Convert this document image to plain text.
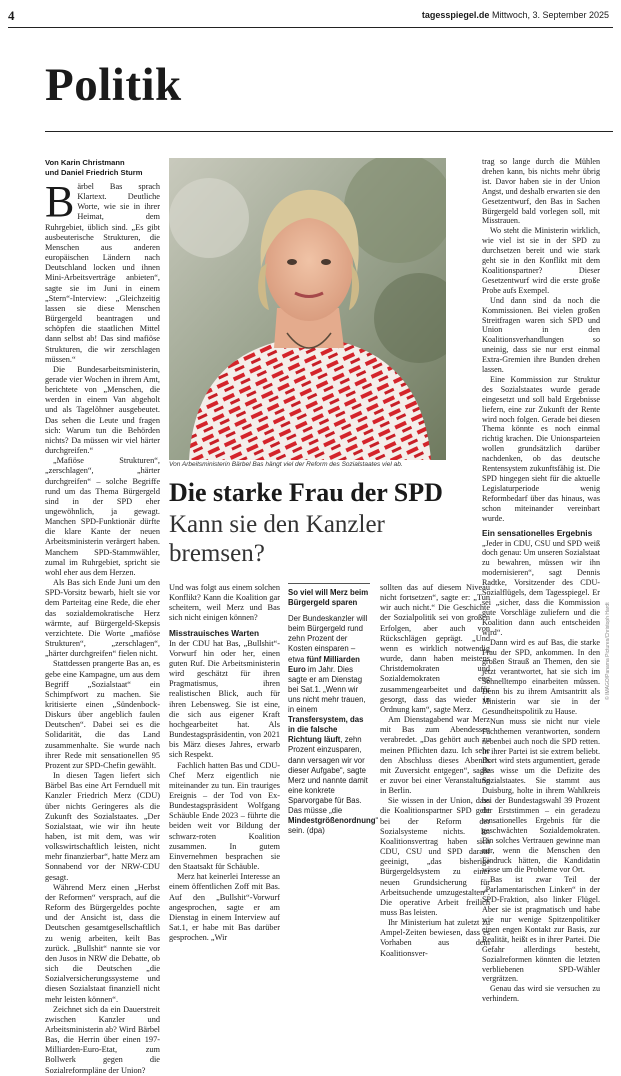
4	tagesspiegel.de Mittwoch, 3. September 2025
Politik
Von Karin Christmann
und Daniel Friedrich Sturm

Bärbel Bas sprach Klartext. Deutliche Worte, wie sie in ihrer Heimat, dem Ruhrgebiet, üblich sind. „Es gibt ausbeuterische Strukturen, die Menschen aus anderen europäischen Ländern nach Deutschland locken und ihnen Mini-Arbeitsverträge anbieten“, sagte sie im Juni in einem „Stern“-Interview: „Gleichzeitig lassen sie diese Menschen Bürgergeld beantragen und schöpfen die staatlichen Mittel dann selbst ab! Das sind mafiöse Strukturen, die wir zerschlagen müssen.“

Die Bundesarbeitsministerin, gerade vier Wochen in ihrem Amt, berichtete von „Menschen, die werden in einem Van abgeholt und als Tagelöhner ausgebeutet. Das sehen die Leute und fragen sich: Warum tun die Behörden nichts? Da müssen wir viel härter durchgreifen.“

„Mafiöse Strukturen“, „zerschlagen“, „härter durchgreifen“ – solche Begriffe rund um das Thema Bürgergeld sind in der SPD eher ungewöhnlich, ja gewagt. Manchen SPD-Funktionär dürfte die klare Kante der neuen Arbeitsministerin verärgert haben. Manchem SPD-Stammwähler, zumal im Ruhrgebiet, spricht sie wohl eher aus dem Herzen.

Als Bas sich Ende Juni um den SPD-Vorsitz bewarb, hielt sie vor dem Parteitag eine Rede, die eher das sozialdemokratische Herz wärmte, auf Bürgergeld-Skepsis verzichtete. Die Worte „mafiöse Strukturen“, „zerschlagen“, „härter durchgreifen“ fielen nicht.

Stattdessen prangerte Bas an, es gebe eine Kampagne, um aus dem Begriff „Sozialstaat“ ein Schimpfwort zu machen. Sie kritisierte einen „Sündenbock-Diskurs über angeblich faulen Deutschen“. Dabei sei es die Solidarität, die das Land zusammenhalte. Sie wurde nach ihrer Rede mit sensationellen 95 Prozent zur SPD-Chefin gewählt.

In diesen Tagen liefert sich Bärbel Bas eine Art Fernduell mit Kanzler Friedrich Merz (CDU) über nichts Geringeres als die Zukunft des Sozialstaates. „Der Sozialstaat, wie wir ihn heute haben, ist mit dem, was wir volkswirtschaftlich leisten, nicht mehr finanzierbar“, hatte Merz am Sonnabend vor der NRW-CDU gesagt.

Während Merz einen „Herbst der Reformen“ versprach, auf die Reform des Bürgergeldes pochte und der Ansicht ist, dass die Deutschen gesamtgesellschaftlich zu wenig arbeiten, keilt Bas zurück. „Bullshit“ nannte sie vor den Jusos in NRW die Debatte, ob sich die Deutschen „die Sozialversicherungssysteme und diesen Sozialstaat finanziell nicht mehr leisten können“.

Zeichnet sich da ein Dauerstreit zwischen Kanzler und Arbeitsministerin ab? Wird Bärbel Bas, die Herrin über einen 197-Milliarden-Euro-Etat, zum Bollwerk gegen die Sozialreformpläne der Union?

Von Arbeitsministerin Bärbel Bas hängt viel der Reform des Sozialstaates viel ab.
Die starke Frau der SPD
Kann sie den Kanzler bremsen?

Und was folgt aus einem solchen Konflikt? Kann die Koalition gar scheitern, weil Merz und Bas sich nicht einigen können?

Misstrauisches Warten

In der CDU hat Bas, „Bullshit“-Vorwurf hin oder her, einen guten Ruf. Die Arbeitsministerin wird geschätzt für ihren Pragmatismus, ihren realistischen Blick, auch für ihren Lebensweg. Sie ist eine, die sich aus eigener Kraft hochgearbeitet hat. Als Bundestagspräsidentin, von 2021 bis März dieses Jahres, erwarb sich Respekt.

Fachlich hatten Bas und CDU-Chef Merz eigentlich nie miteinander zu tun. Ein trauriges Ereignis – der Tod von Ex-Bundestagspräsident Wolfgang Schäuble Ende 2023 – führte die beiden weit vor Bildung der schwarz-roten Koalition zusammen. In gutem Einvernehmen besprachen sie den Staatsakt für Schäuble.

Merz hat keinerlei Interesse an einem öffentlichen Zoff mit Bas. Auf den „Bullshit“-Vorwurf angesprochen, sagte er am Dienstag in einem Interview auf Sat.1, er habe mit Bas darüber gesprochen. „Wir

So viel will Merz beim Bürgergeld sparen
Der Bundeskanzler will beim Bürgergeld rund zehn Prozent der Kosten einsparen – etwa fünf Milliarden Euro im Jahr. Dies sagte er am Dienstag bei Sat.1. „Wenn wir uns nicht mehr trauen, in einem Transfersystem, das in die falsche Richtung läuft, zehn Prozent einzusparen, dann versagen wir vor dieser Aufgabe“, sagte Merz und nannte damit eine konkrete Sparvorgabe für Bas. Das müsse „die Mindestgrößenordnung“ sein. (dpa)

sollten das auf diesem Niveau nicht fortsetzen“, sagte er: „Tun wir auch nicht.“ Die Geschichte der Sozialpolitik sei von großen Erfolgen, aber auch von Rückschlägen geprägt. „Und wenn es wirklich notwendig wurde, dann haben meistens Christdemokraten und Sozialdemokraten eng zusammengearbeitet und dafür gesorgt, dass das wieder in Ordnung kam“, sagte Merz.

Am Dienstagabend war Merz mit Bas zum Abendessen verabredet. „Das gehört auch zu meinen Pflichten dazu. Ich sehe den Abschluss dieses Abends mit Zuversicht entgegen“, sagte er zuvor bei einer Veranstaltung in Berlin.

Sie wissen in der Union, dass die Koalitionspartner SPD gebt bei der Reform der Sozialsysteme nichts. Im Koalitionsvertrag haben sich CDU, CSU und SPD darauf geeinigt, „das bisherige Bürgergeldsystem zu einer neuen Grundsicherung für Arbeitsuchende umzugestalten“. Die operative Arbeit freilich muss Bas leisten.

Ihr Ministerium hat zuletzt zu Ampel-Zeiten bewiesen, dass es Vorhaben aus dem Koalitionsver-

trag so lange durch die Mühlen drehen kann, bis nichts mehr übrig ist. Davor haben sie in der Union Angst, und deshalb erwarten sie den Gesetzentwurf, den Bas in Sachen Bürgergeld bald vorlegen soll, mit Misstrauen.

Wo steht die Ministerin wirklich, wie viel ist sie in der SPD zu durchsetzen bereit und wie stark geht sie in den Konflikt mit dem Koalitionspartner? Dieser Gesetzentwurf wird die erste große Probe aufs Exempel.

Und dann sind da noch die Kommissionen. Bei vielen großen Streitfragen waren sich SPD und Union in den Koalitionsverhandlungen so uneinig, dass sie nur erst einmal Extra-Gremien ihre Bunden drehen lassen.

Eine Kommission zur Struktur des Sozialstaates wurde gerade eingesetzt und soll bald Ergebnisse liefern, eine zur Zukunft der Rente wird noch folgen. Gerade bei diesen Thema könnte es noch einmal richtig krachen. Die Unionsparteien wollen grundsätzlich darüber nachdenken, ob das deutsche Rentensystem zukunftsfähig ist. Die SPD hingegen sieht für die aktuelle Legislaturperiode wenig Reformbedarf über das hinaus, was schon miteinander vereinbart wurde.

Ein sensationelles Ergebnis

„Jeder in CDU, CSU und SPD weiß doch genau: Um unseren Sozialstaat zu bewahren, müssen wir ihn modernisieren“, sagt Dennis Radtke, Vorsitzender des CDU-Sozialflügels, dem Tagesspiegel. Er sei „sicher, dass die Kommission gute Vorschläge zuliefern und die Koalition dann auch entscheiden wird“.

Dann wird es auf Bas, die starke Frau der SPD, ankommen. In den großen Strauß an Themen, den sie jetzt verantwortet, hat sie sich im Schnelltempo einarbeiten müssen. Denn bis zu ihrem Amtsantritt als Ministerin war sie in der Gesundheitspolitik zu Hause.

Nun muss sie nicht nur viele Fachthemen verantworten, sondern nebenbei auch noch die SPD retten. In ihrer Partei ist sie extrem beliebt. Dort wird stets argumentiert, gerade Bas wisse um die Defizite des Sozialstaates. Sie stammt aus Duisburg, holte in ihrem Wahlkreis bei der Bundestagswahl 39 Prozent der Erststimmen – ein geradezu sensationelles Ergebnis für die geschwächten Sozialdemokraten. Ein solches Vertrauen gewinne man nur, wenn die Menschen den Eindruck hätten, die Kandidatin wisse um die Probleme vor Ort.

Bas ist zwar Teil der „Parlamentarischen Linken“ in der SPD-Fraktion, also linker Flügel. Aber sie ist pragmatisch und habe wie nur wenige Spitzenpolitiker einen engen Kontakt zur Basis, zur Realität, heißt es in ihrer Partei. Die Gefahr allerdings besteht, Sozialreformen könnten die letzten verbliebenen SPD-Wähler vergrätzen.

Genau das wird sie versuchen zu verhindern.

© IMAGO/Panama Pictures/Christoph Hardt
